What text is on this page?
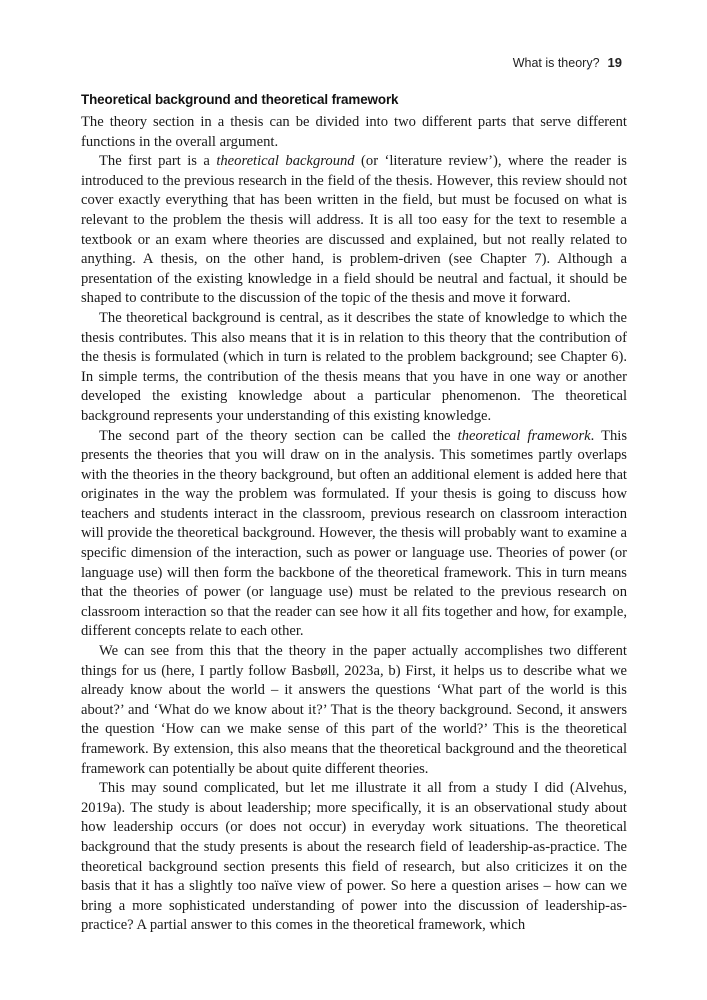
What is theory? 19
Theoretical background and theoretical framework

The theory section in a thesis can be divided into two different parts that serve different functions in the overall argument.

The first part is a theoretical background (or ‘literature review’), where the reader is introduced to the previous research in the field of the thesis. However, this review should not cover exactly everything that has been written in the field, but must be focused on what is relevant to the problem the thesis will address. It is all too easy for the text to resemble a textbook or an exam where theories are discussed and explained, but not really related to anything. A thesis, on the other hand, is problem-driven (see Chapter 7). Although a presentation of the existing knowledge in a field should be neutral and factual, it should be shaped to contribute to the discussion of the topic of the thesis and move it forward.

The theoretical background is central, as it describes the state of knowledge to which the thesis contributes. This also means that it is in relation to this theory that the contribution of the thesis is formulated (which in turn is related to the problem background; see Chapter 6). In simple terms, the contribution of the thesis means that you have in one way or another developed the existing knowledge about a particular phenomenon. The theoretical background represents your understanding of this existing knowledge.

The second part of the theory section can be called the theoretical framework. This presents the theories that you will draw on in the analysis. This sometimes partly overlaps with the theories in the theory background, but often an additional element is added here that originates in the way the problem was formulated. If your thesis is going to discuss how teachers and students interact in the classroom, previous research on classroom interaction will provide the theoretical background. However, the thesis will probably want to examine a specific dimension of the interaction, such as power or language use. Theories of power (or language use) will then form the backbone of the theoretical framework. This in turn means that the theories of power (or language use) must be related to the previous research on classroom interaction so that the reader can see how it all fits together and how, for example, different concepts relate to each other.

We can see from this that the theory in the paper actually accomplishes two different things for us (here, I partly follow Basbøll, 2023a, b) First, it helps us to describe what we already know about the world – it answers the questions ‘What part of the world is this about?’ and ‘What do we know about it?’ That is the theory background. Second, it answers the question ‘How can we make sense of this part of the world?’ This is the theoretical framework. By extension, this also means that the theoretical background and the theoretical framework can potentially be about quite different theories.

This may sound complicated, but let me illustrate it all from a study I did (Alvehus, 2019a). The study is about leadership; more specifically, it is an observational study about how leadership occurs (or does not occur) in everyday work situations. The theoretical background that the study presents is about the research field of leadership-as-practice. The theoretical background section presents this field of research, but also criticizes it on the basis that it has a slightly too naïve view of power. So here a question arises – how can we bring a more sophisticated understanding of power into the discussion of leadership-as-practice? A partial answer to this comes in the theoretical framework, which
